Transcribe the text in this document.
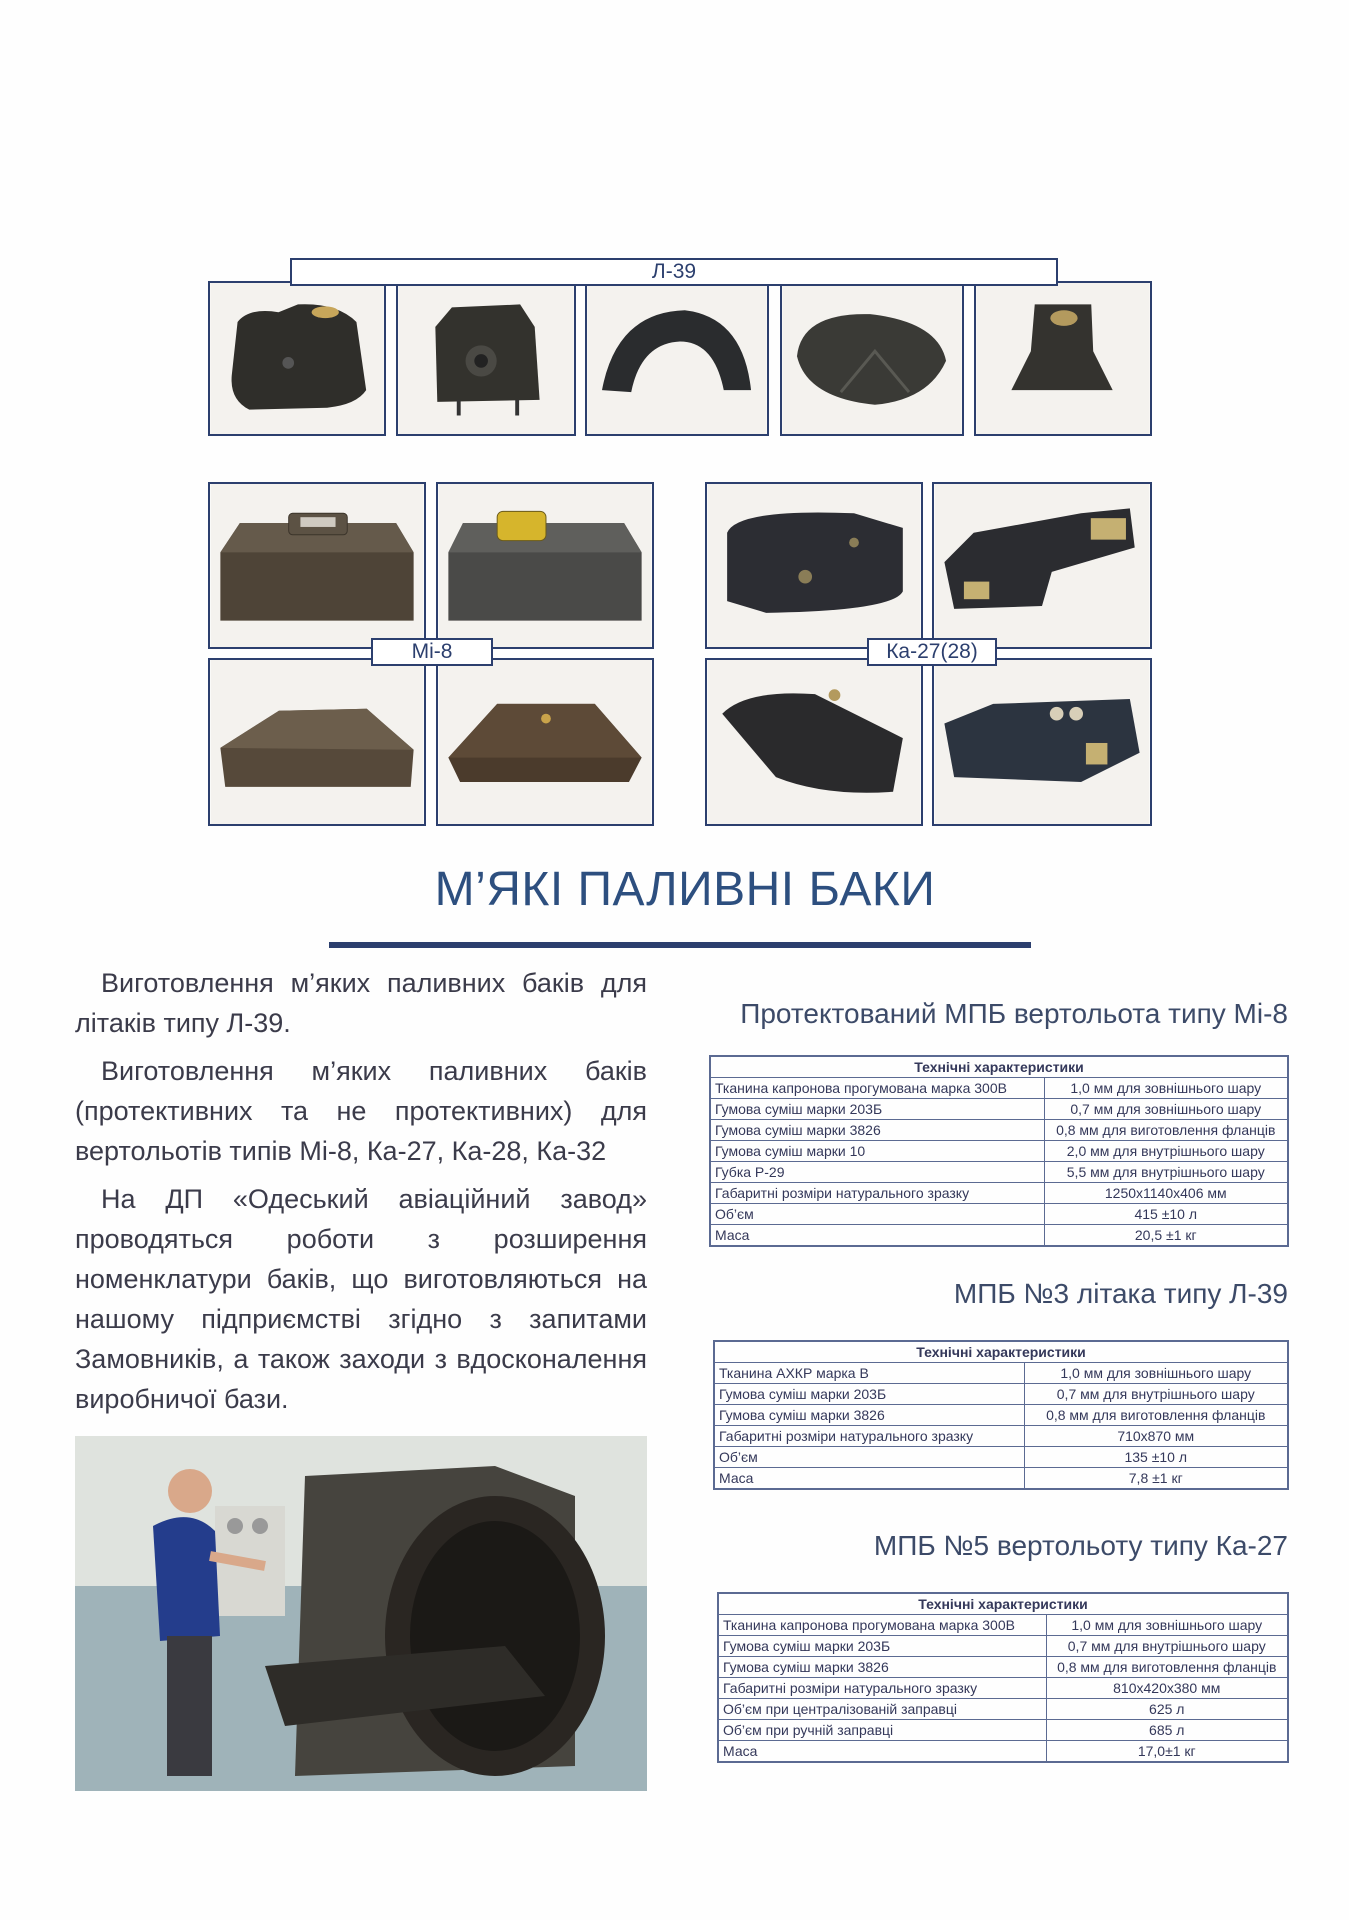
Л-39
Мі-8	Ка-27(28)
М’ЯКІ ПАЛИВНІ БАКИ

Виготовлення м’яких паливних баків для літаків типу Л-39.

Виготовлення м’яких паливних баків (протективних та не протективних) для вертольотів типів Мі-8, Ка-27, Ка-28, Ка-32

На ДП «Одеський авіаційний завод» проводяться роботи з розширення номенклатури баків, що виготовляються на нашому підприємстві згідно з запитами Замовників, а також заходи з вдосконалення виробничої бази.

Протектований МПБ вертольота типу Мі-8
Технічні характеристики	
Тканина капронова прогумована марка 300В	1,0 мм для зовнішнього шару
Гумова суміш марки 203Б	0,7 мм для зовнішнього шару
Гумова суміш марки 3826	0,8 мм для виготовлення фланців
Гумова суміш марки 10	2,0 мм для внутрішнього шару
Губка Р-29	5,5 мм для внутрішнього шару
Габаритні розміри натурального зразку	1250x1140x406 мм
Об’єм	415 ±10 л
Маса	20,5 ±1 кг
МПБ №3 літака типу Л-39
Технічні характеристики	
Тканина АХКР марка В	1,0 мм для зовнішнього шару
Гумова суміш марки 203Б	0,7 мм для внутрішнього шару
Гумова суміш марки 3826	0,8 мм для виготовлення фланців
Габаритні розміри натурального зразку	710x870 мм
Об’єм	135 ±10 л
Маса	7,8 ±1 кг
МПБ №5 вертольоту типу Ка-27
Технічні характеристики	
Тканина капронова прогумована марка 300В	1,0 мм для зовнішнього шару
Гумова суміш марки 203Б	0,7 мм для внутрішнього шару
Гумова суміш марки 3826	0,8 мм для виготовлення фланців
Габаритні розміри натурального зразку	810x420x380 мм
Об’єм при централізованій заправці	625 л
Об’єм при ручній заправці	685 л
Маса	17,0±1 кг
